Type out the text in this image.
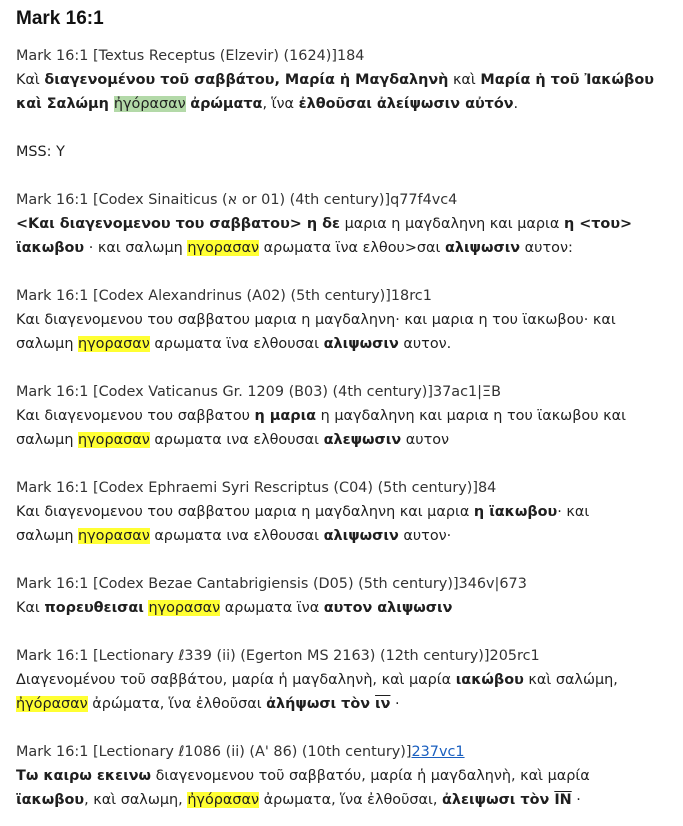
Mark 16:1
Mark 16:1 [Textus Receptus (Elzevir) (1624)]184
Καὶ διαγενομένου τοῦ σαββάτου, Μαρία ἡ Μαγδαληνὴ καὶ Μαρία ἡ τοῦ Ἰακώβου
καὶ Σαλώμη ἠγόρασαν ἀρώματα, ἵνα ἐλθοῦσαι ἀλείψωσιν αὐτόν.
MSS: Y
Mark 16:1 [Codex Sinaiticus (א or 01) (4th century)]q77f4vc4
<Και διαγενομενου του σαββατου> η δε μαρια η μαγδαληνη και μαρια η <του>
ϊακωβου · και σαλωμη ηγορασαν αρωματα ϊνα ελθου>σαι αλιψωσιν αυτον:
Mark 16:1 [Codex Alexandrinus (A02) (5th century)]18rc1
Και διαγενομενου του σαββατου μαρια η μαγδαληνη· και μαρια η του ϊακωβου· και
σαλωμη ηγορασαν αρωματα ϊνα ελθουσαι αλιψωσιν αυτον.
Mark 16:1 [Codex Vaticanus Gr. 1209 (B03) (4th century)]37ac1|ΞΒ
Και διαγενομενου του σαββατου η μαρια η μαγδαληνη και μαρια η του ϊακωβου και
σαλωμη ηγορασαν αρωματα ινα ελθουσαι αλεψωσιν αυτον
Mark 16:1 [Codex Ephraemi Syri Rescriptus (C04) (5th century)]84
Και διαγενομενου του σαββατου μαρια η μαγδαληνη και μαρια η ϊακωβου· και
σαλωμη ηγορασαν αρωματα ινα ελθουσαι αλιψωσιν αυτον·
Mark 16:1 [Codex Bezae Cantabrigiensis (D05) (5th century)]346v|673
Και πορευθεισαι ηγορασαν αρωματα ϊνα αυτον αλιψωσιν
Mark 16:1 [Lectionary ℓ339 (ii) (Egerton MS 2163) (12th century)]205rc1
Διαγενομένου τοῦ σαββάτου, μαρία ἡ μαγδαληνὴ, καὶ μαρία ιακώβου καὶ σαλώμη,
ἠγόρασαν ἀρώματα, ἵνα ἐλθοῦσαι ἀλήψωσι τὸν $\overline{\iota\nu}$ ·
Mark 16:1 [Lectionary ℓ1086 (ii) (A' 86) (10th century)]237vc1
Τω καιρω εκεινω διαγενομενου τοῦ σαββατόυ, μαρία ἡ μαγδαληνὴ, καὶ μαρία
ϊακωβου, καὶ σαλωμη, ἠγόρασαν ἀρωματα, ἵνα ἐλθοῦσαι, ἀλειψωσι τὸν $\overline{IN}$ ·
